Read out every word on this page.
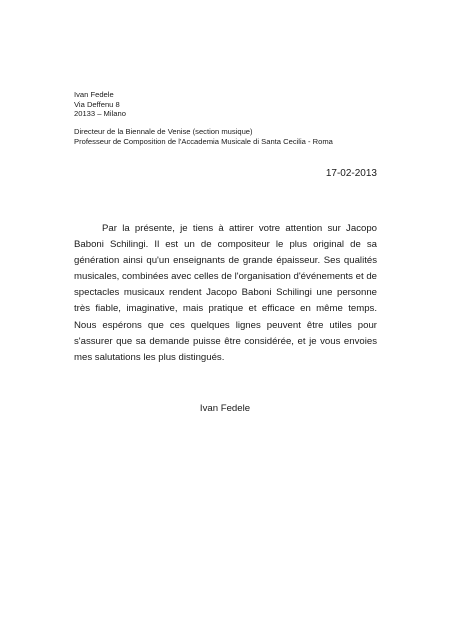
Ivan Fedele
Via Deffenu 8
20133 – Milano
Directeur de la Biennale de Venise (section musique)
Professeur de Composition de l'Accademia Musicale di Santa Cecilia - Roma
17-02-2013

Par la présente, je tiens à attirer votre attention sur Jacopo Baboni Schilingi. Il est un de compositeur le plus original de sa génération ainsi qu'un enseignants de grande épaisseur. Ses qualités musicales, combinées avec celles de l'organisation d'événements et de spectacles musicaux rendent Jacopo Baboni Schilingi une personne très fiable, imaginative, mais pratique et efficace en même temps. Nous espérons que ces quelques lignes peuvent être utiles pour s'assurer que sa demande puisse être considérée, et je vous envoies mes salutations les plus distingués.

Ivan Fedele
